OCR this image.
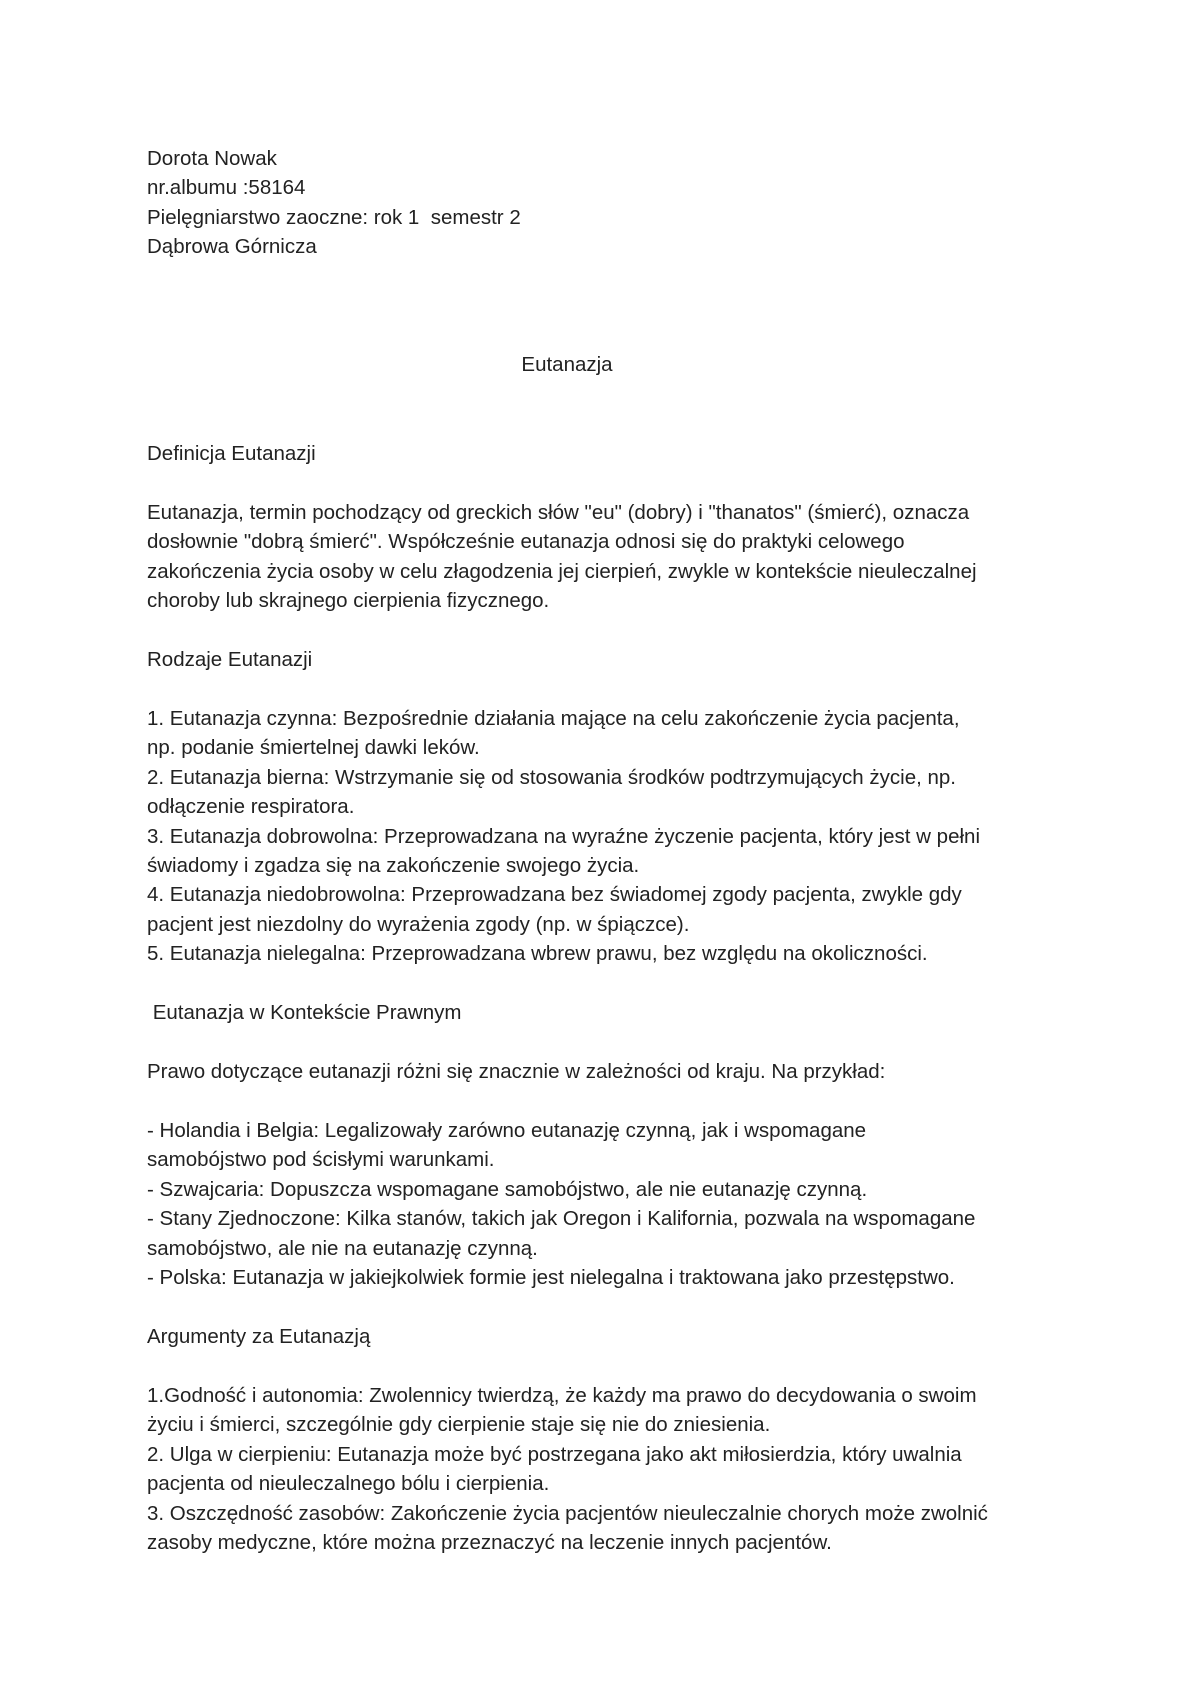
Dorota Nowak
nr.albumu :58164
Pielęgniarstwo zaoczne: rok 1  semestr 2
Dąbrowa Górnicza
Eutanazja
Definicja Eutanazji
Eutanazja, termin pochodzący od greckich słów "eu" (dobry) i "thanatos" (śmierć), oznacza
dosłownie "dobrą śmierć". Współcześnie eutanazja odnosi się do praktyki celowego
zakończenia życia osoby w celu złagodzenia jej cierpień, zwykle w kontekście nieuleczalnej
choroby lub skrajnego cierpienia fizycznego.
Rodzaje Eutanazji
1. Eutanazja czynna: Bezpośrednie działania mające na celu zakończenie życia pacjenta,
np. podanie śmiertelnej dawki leków.
2. Eutanazja bierna: Wstrzymanie się od stosowania środków podtrzymujących życie, np.
odłączenie respiratora.
3. Eutanazja dobrowolna: Przeprowadzana na wyraźne życzenie pacjenta, który jest w pełni
świadomy i zgadza się na zakończenie swojego życia.
4. Eutanazja niedobrowolna: Przeprowadzana bez świadomej zgody pacjenta, zwykle gdy
pacjent jest niezdolny do wyrażenia zgody (np. w śpiączce).
5. Eutanazja nielegalna: Przeprowadzana wbrew prawu, bez względu na okoliczności.
Eutanazja w Kontekście Prawnym
Prawo dotyczące eutanazji różni się znacznie w zależności od kraju. Na przykład:
- Holandia i Belgia: Legalizowały zarówno eutanazję czynną, jak i wspomagane
samobójstwo pod ścisłymi warunkami.
- Szwajcaria: Dopuszcza wspomagane samobójstwo, ale nie eutanazję czynną.
- Stany Zjednoczone: Kilka stanów, takich jak Oregon i Kalifornia, pozwala na wspomagane
samobójstwo, ale nie na eutanazję czynną.
- Polska: Eutanazja w jakiejkolwiek formie jest nielegalna i traktowana jako przestępstwo.
Argumenty za Eutanazją
1.Godność i autonomia: Zwolennicy twierdzą, że każdy ma prawo do decydowania o swoim
życiu i śmierci, szczególnie gdy cierpienie staje się nie do zniesienia.
2. Ulga w cierpieniu: Eutanazja może być postrzegana jako akt miłosierdzia, który uwalnia
pacjenta od nieuleczalnego bólu i cierpienia.
3. Oszczędność zasobów: Zakończenie życia pacjentów nieuleczalnie chorych może zwolnić
zasoby medyczne, które można przeznaczyć na leczenie innych pacjentów.
